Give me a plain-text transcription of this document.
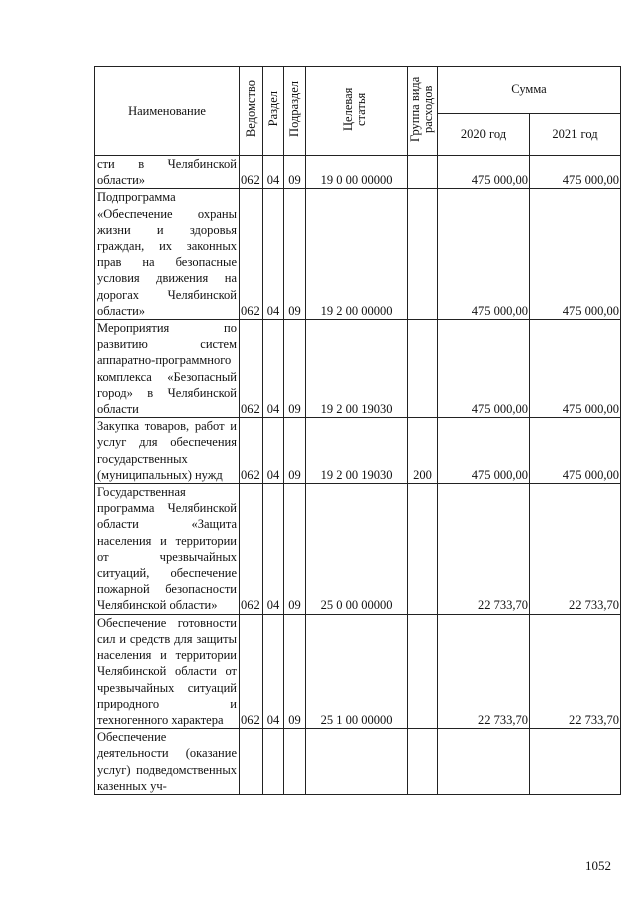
Наименование	Ведомство	Раздел	Подраздел	Целевая статья	Группа вида расходов	Сумма	
						2020 год	2021 год
сти в Челябинской области»	062	04	09	19 0 00 00000		475 000,00	475 000,00
Подпрограмма «Обеспечение охраны жизни и здоровья граждан, их законных прав на безопасные условия движения на дорогах Челябинской области»	062	04	09	19 2 00 00000		475 000,00	475 000,00
Мероприятия по развитию систем аппаратно-программного комплекса «Безопасный город» в Челябинской области	062	04	09	19 2 00 19030		475 000,00	475 000,00
Закупка товаров, работ и услуг для обеспечения государственных (муниципальных) нужд	062	04	09	19 2 00 19030	200	475 000,00	475 000,00
Государственная программа Челябинской области «Защита населения и территории от чрезвычайных ситуаций, обеспечение пожарной безопасности Челябинской области»	062	04	09	25 0 00 00000		22 733,70	22 733,70
Обеспечение готовности сил и средств для защиты населения и территории Челябинской области от чрезвычайных ситуаций природного и техногенного характера	062	04	09	25 1 00 00000		22 733,70	22 733,70
Обеспечение деятельности (оказание услуг) подведомственных казенных уч-							
1052
